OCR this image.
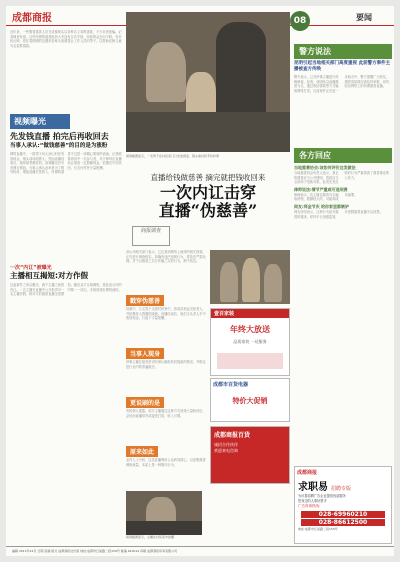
成都商报	08	要闻
近年来，一些假冒慈善人员在成都街头以各种名义募集善款，不少市民被骗。记者调查发现，这些所谓的慈善组织大多没有合法手续，所募资金去向不明。有市民反映，曾在春熙路附近遇到自称为某慈善会工作人员的男子，以帮助贫困儿童为名索要捐款。
视频曝光
先发钱直播 拍完后再收回去
当事人承认:“做钱慈善”的目的是为涨粉
网络直播中，一群男子向大凉山村民发放现金，镜头前场面感人。然而直播结束后，钱却被悉数收回。视频曝光后引发网友愤怒。当事人承认此举是为了吸引粉丝、增加直播打赏收入，所谓的慈善不过是一场精心策划的表演。记者联系到其中一名参与者，对方称每次直播前会准备一定数额现金，拍摄完毕后收回，仅支付村民少量报酬。
一次“内讧”被曝光
主播相互揭短:对方作假
这起事件之所以曝光，源于主播之间的内讧。一名主播在直播中公开指责另一名主播作假，称对方的慈善直播全是摆拍。随后双方互相揭短，将此前合作的内幕一一抖出，多段视频在网络流传。
视频截图显示，一名男子在村民家门口发放现金，镜头前村民手持钞票
直播给钱做慈善 摘完就把钱收回来
一次内讧击穿
直播“伪慈善”
商报调查
凉山州相关部门表示，已注意到网络上流传的相关视频，正在进行调查核实。如确有违法违规行为，将依法严肃处理。对于以慈善之名行诈骗之实的行为，绝不姑息。
戳穿伪慈善
视频中，几名男子走进村民家中，将成沓现金交给老人，并拍摄老人感激的画面。直播结束后，他们又从老人手中收回现金，只留下少量报酬。
当事人现身
涉事主播在接受采访时承认确有收回钱款的情况，并称这是行业内的普遍做法。
更说刷的是
有知情人透露，部分主播通过这种方式获得大量粉丝后，会转而直播带货或接受打赏，收入可观。
原来如此
业内人士分析，这类直播利用公众的同情心，以虚假慈善博取流量，本质上是一种欺诈行为。
视频截图显示，主播在村民家中拍摄
壹百家装
年终大放送
品质家装 一站服务
成都市百货电器
特价大促销
成都商报百货
诚招合作伙伴
欢迎来电咨询
警方说法
昆明引起当地相关部门高度重视 此前警方事件主播被查方传唤
警方表示，已对涉事主播进行传唤调查。经查，该团伙以直播慈善为名，通过收回善款等方式骗取网络打赏。目前案件正在进一步侦办中。警方提醒广大网友，遇到类似情况请及时举报，切勿轻信网络上的所谓慈善直播。
各方回应
当地慈善协会:该如何评价这类做法
当地慈善协会负责人表示，真正的慈善应当公开透明，善款应当全部用于受助对象。此类先发后收的行为严重损害了慈善事业的公信力。
律师说法:情节严重或可追刑责
律师表示，若主播以慈善为名骗取财物，数额较大的，可能构成诈骗罪。
网友:拜金节庆 给你家里都嫉妒
网友纷纷表示，这种行为是对慈善的亵渎，呼吁平台加强监管，对虚假慈善直播予以封禁。
成都商报
求职易 招聘专版
为可靠招聘广告企业提供优质服务
您身边的人事好帮手
广告咨询热线:
028-69960210
028-86612500
地址:成都市红星路二段159号
编辑 2013年12月 日期 投稿 版式 成都商报社出版 地址:成都市红星路二段159号 邮编 610012 印刷 成都商报印务有限公司
